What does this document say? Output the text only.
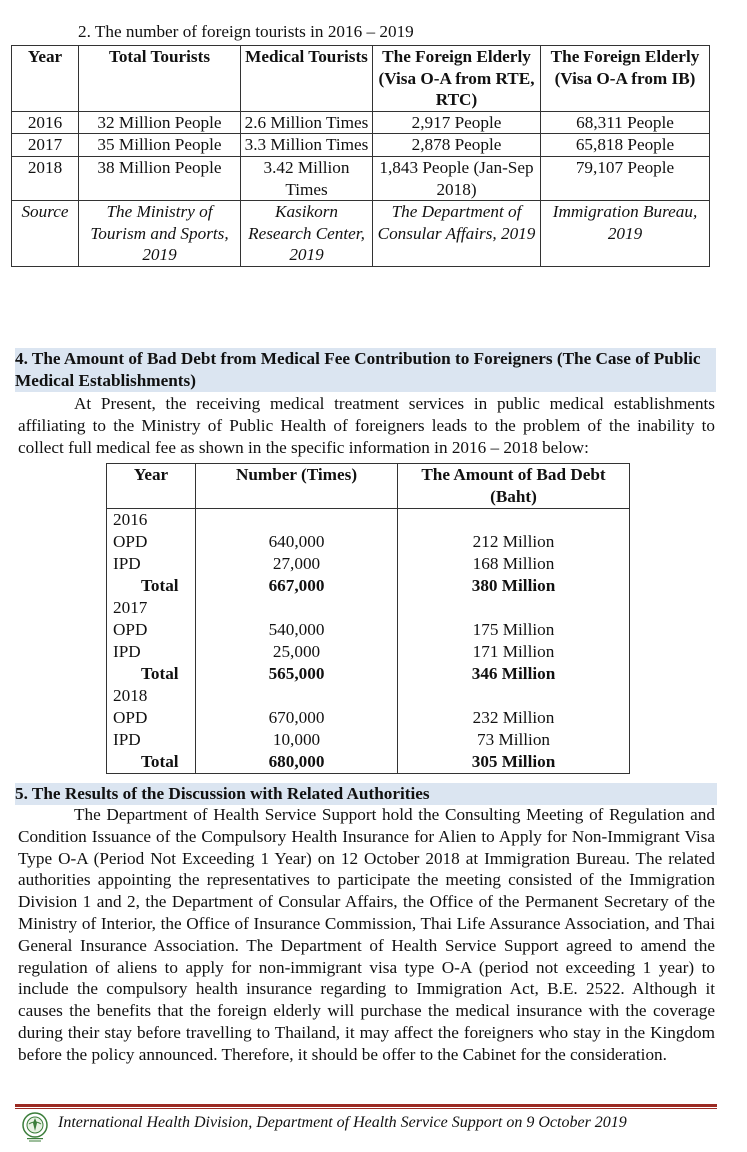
2. The number of foreign tourists in 2016 – 2019
Year	Total Tourists	Medical Tourists	The Foreign Elderly (Visa O-A from RTE, RTC)	The Foreign Elderly (Visa O-A from IB)
2016	32 Million People	2.6 Million Times	2,917 People	68,311 People
2017	35 Million People	3.3 Million Times	2,878 People	65,818 People
2018	38 Million People	3.42 Million Times	1,843 People (Jan-Sep 2018)	79,107 People
Source	The Ministry of Tourism and Sports, 2019	Kasikorn Research Center, 2019	The Department of Consular Affairs, 2019	Immigration Bureau, 2019
4. The Amount of Bad Debt from Medical Fee Contribution to Foreigners (The Case of Public Medical Establishments)
At Present, the receiving medical treatment services in public medical establishments affiliating to the Ministry of Public Health of foreigners leads to the problem of the inability to collect full medical fee as shown in the specific information in 2016 – 2018 below:
Year	Number (Times)	The Amount of Bad Debt (Baht)
2016		
OPD	640,000	212 Million
IPD	27,000	168 Million
Total	667,000	380 Million
2017		
OPD	540,000	175 Million
IPD	25,000	171 Million
Total	565,000	346 Million
2018		
OPD	670,000	232 Million
IPD	10,000	73 Million
Total	680,000	305 Million
5. The Results of the Discussion with Related Authorities
The Department of Health Service Support hold the Consulting Meeting of Regulation and Condition Issuance of the Compulsory Health Insurance for Alien to Apply for Non-Immigrant Visa Type O-A (Period Not Exceeding 1 Year) on 12 October 2018 at Immigration Bureau. The related authorities appointing the representatives to participate the meeting consisted of the Immigration Division 1 and 2, the Department of Consular Affairs, the Office of the Permanent Secretary of the Ministry of Interior, the Office of Insurance Commission, Thai Life Assurance Association, and Thai General Insurance Association. The Department of Health Service Support agreed to amend the regulation of aliens to apply for non-immigrant visa type O-A (period not exceeding 1 year) to include the compulsory health insurance regarding to Immigration Act, B.E. 2522. Although it causes the benefits that the foreign elderly will purchase the medical insurance with the coverage during their stay before travelling to Thailand, it may affect the foreigners who stay in the Kingdom before the policy announced. Therefore, it should be offer to the Cabinet for the consideration.
International Health Division, Department of Health Service Support on 9 October 2019
